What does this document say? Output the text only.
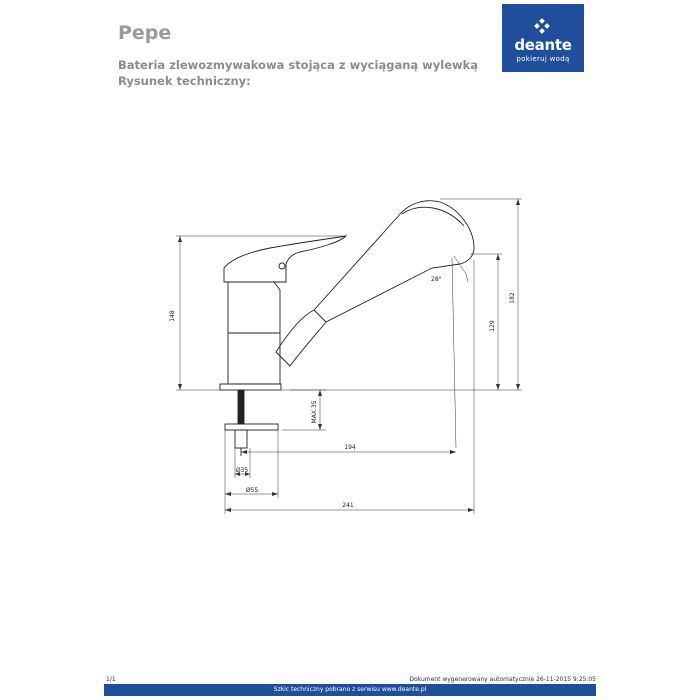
Pepe
Bateria zlewozmywakowa stojąca z wyciąganą wylewką
Rysunek techniczny:
deante
pokieruj wodą
148
182
129
28°
MAX.35
194
Ø35
Ø55
241
1/1	Dokument wygenerowany automatycznie 26-11-2015 9:25:05
Szkic techniczny pobrano z serwisu www.deante.pl
